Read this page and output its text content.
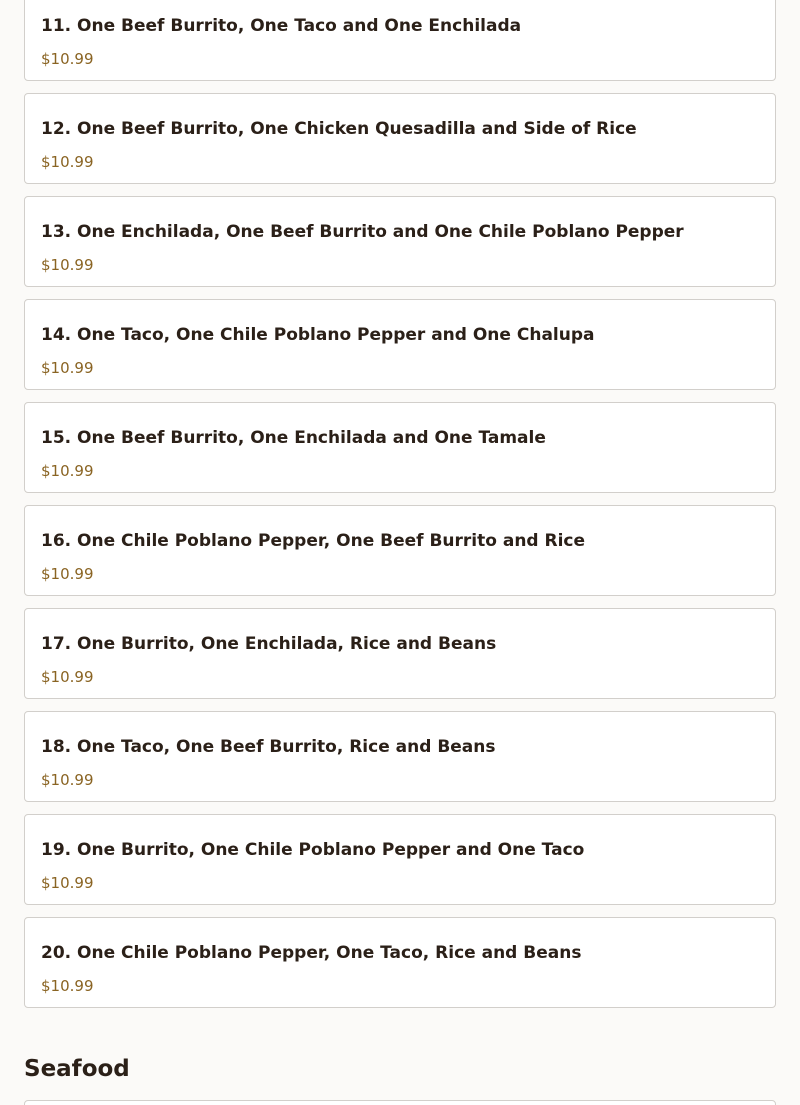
11. One Beef Burrito, One Taco and One Enchilada
$10.99
12. One Beef Burrito, One Chicken Quesadilla and Side of Rice
$10.99
13. One Enchilada, One Beef Burrito and One Chile Poblano Pepper
$10.99
14. One Taco, One Chile Poblano Pepper and One Chalupa
$10.99
15. One Beef Burrito, One Enchilada and One Tamale
$10.99
16. One Chile Poblano Pepper, One Beef Burrito and Rice
$10.99
17. One Burrito, One Enchilada, Rice and Beans
$10.99
18. One Taco, One Beef Burrito, Rice and Beans
$10.99
19. One Burrito, One Chile Poblano Pepper and One Taco
$10.99
20. One Chile Poblano Pepper, One Taco, Rice and Beans
$10.99
Seafood
